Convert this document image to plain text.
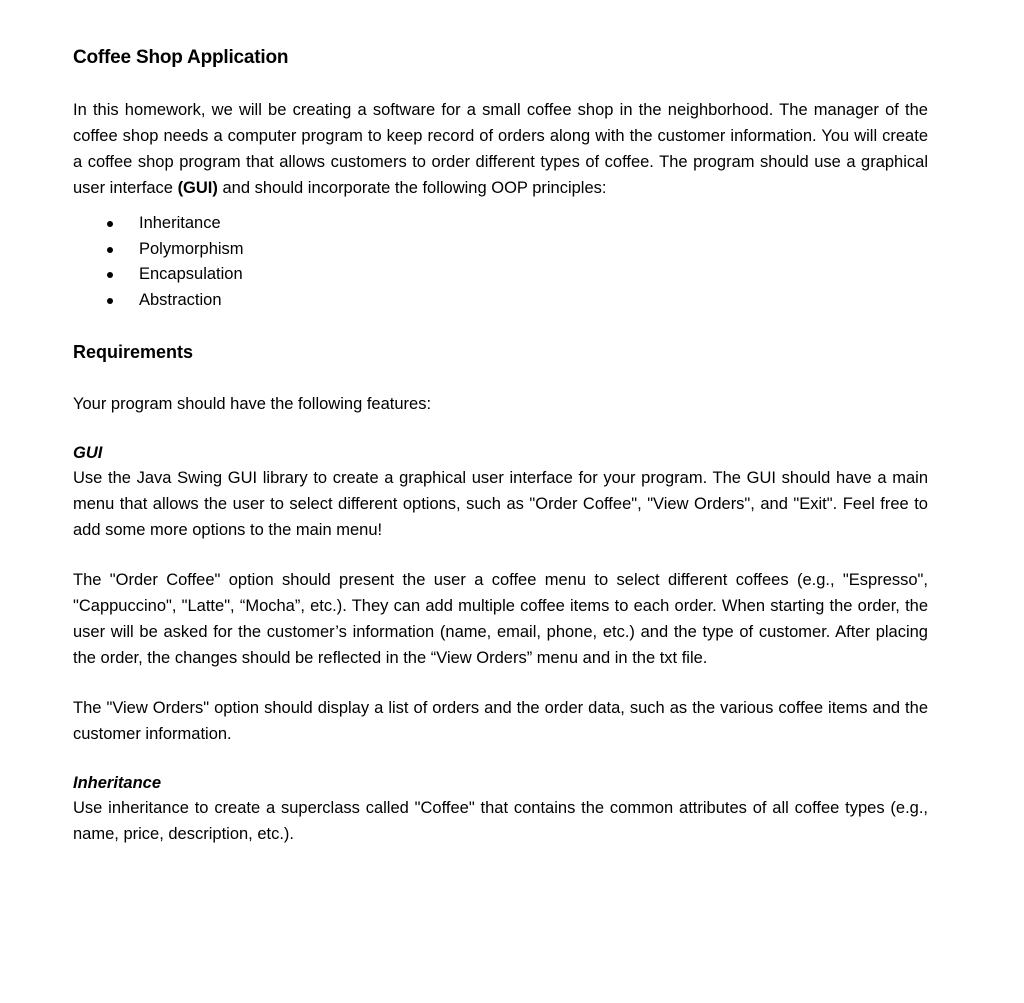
Coffee Shop Application

In this homework, we will be creating a software for a small coffee shop in the neighborhood. The manager of the coffee shop needs a computer program to keep record of orders along with the customer information. You will create a coffee shop program that allows customers to order different types of coffee. The program should use a graphical user interface (GUI) and should incorporate the following OOP principles:

Inheritance
Polymorphism
Encapsulation
Abstraction
Requirements

Your program should have the following features:

GUI

Use the Java Swing GUI library to create a graphical user interface for your program. The GUI should have a main menu that allows the user to select different options, such as "Order Coffee", "View Orders", and "Exit". Feel free to add some more options to the main menu!

The "Order Coffee" option should present the user a coffee menu to select different coffees (e.g., "Espresso", "Cappuccino", "Latte", “Mocha”, etc.). They can add multiple coffee items to each order. When starting the order, the user will be asked for the customer’s information (name, email, phone, etc.) and the type of customer. After placing the order, the changes should be reflected in the “View Orders” menu and in the txt file.

The "View Orders" option should display a list of orders and the order data, such as the various coffee items and the customer information.

Inheritance

Use inheritance to create a superclass called "Coffee" that contains the common attributes of all coffee types (e.g., name, price, description, etc.).
